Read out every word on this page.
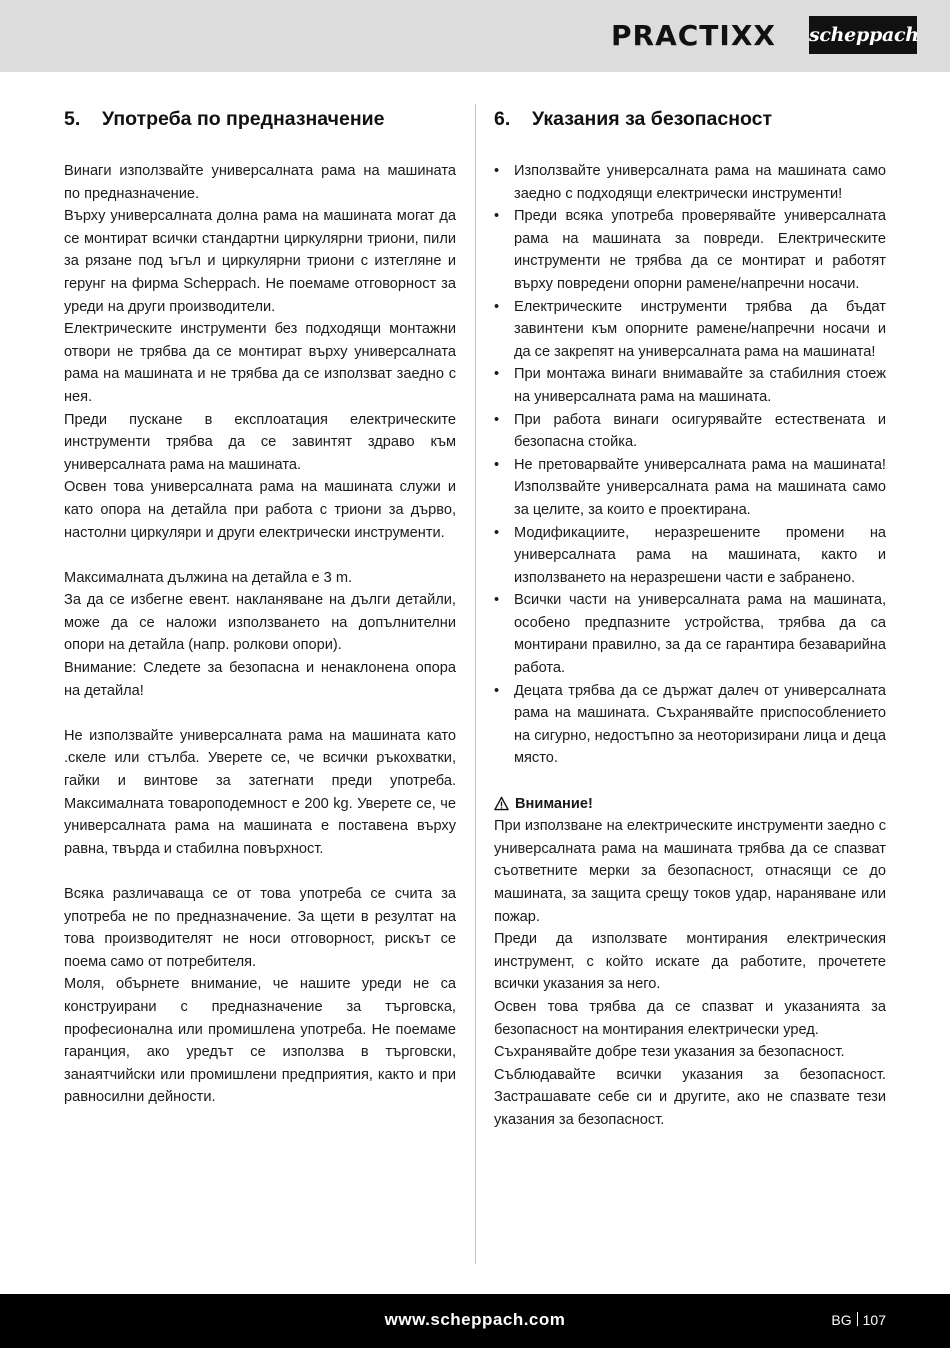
PRACTIXX scheppach
5.	Употреба по предназначение

Винаги използвайте универсалната рама на машината по предназначение.

Върху универсалната долна рама на машината могат да се монтират всички стандартни циркулярни триони, пили за рязане под ъгъл и циркулярни триони с изтегляне и герунг на фирма Scheppach. Не поемаме отговорност за уреди на други производители.

Електрическите инструменти без подходящи монтажни отвори не трябва да се монтират върху универсалната рама на машината и не трябва да се използват заедно с нея.

Преди пускане в експлоатация електрическите инструменти трябва да се завинтят здраво към универсалната рама на машината.

Освен това универсалната рама на машината служи и като опора на детайла при работа с триони за дърво, настолни циркуляри и други електрически инструменти.

Максималната дължина на детайла е 3 m.

За да се избегне евент. накланяване на дълги детайли, може да се наложи използването на допълнителни опори на детайла (напр. ролкови опори).

Внимание: Следете за безопасна и ненаклонена опора на детайла!

Не използвайте универсалната рама на машината като .скеле или стълба. Уверете се, че всички ръкохватки, гайки и винтове за затегнати преди употреба. Максималната товароподемност е 200 kg. Уверете се, че универсалната рама на машината е поставена върху равна, твърда и стабилна повърхност.

Всяка различаваща се от това употреба се счита за употреба не по предназначение. За щети в резултат на това производителят не носи отговорност, рискът се поема само от потребителя.

Моля, обърнете внимание, че нашите уреди не са конструирани с предназначение за търговска, професионална или промишлена употреба. Не поемаме гаранция, ако уредът се използва в търговски, занаятчийски или промишлени предприятия, както и при равносилни дейности.

6.	Указания за безопасност
• Използвайте универсалната рама на машината само заедно с подходящи електрически инструменти!
• Преди всяка употреба проверявайте универсалната рама на машината за повреди. Електрическите инструменти не трябва да се монтират и работят върху повредени опорни рамене/напречни носачи.
• Електрическите инструменти трябва да бъдат завинтени към опорните рамене/напречни носачи и да се закрепят на универсалната рама на машината!
• При монтажа винаги внимавайте за стабилния стоеж на универсалната рама на машината.
• При работа винаги осигурявайте естествената и безопасна стойка.
• Не претоварвайте универсалната рама на машината! Използвайте универсалната рама на машината само за целите, за които е проектирана.
• Модификациите, неразрешените промени на универсалната рама на машината, както и използването на неразрешени части е забранено.
• Всички части на универсалната рама на машината, особено предпазните устройства, трябва да са монтирани правилно, за да се гарантира безаварийна работа.
• Децата трябва да се държат далеч от универсалната рама на машината. Съхранявайте приспособлението на сигурно, недостъпно за неоторизирани лица и деца място.
Внимание!

При използване на електрическите инструменти заедно с универсалната рама на машината трябва да се спазват съответните мерки за безопасност, отнасящи се до машината, за защита срещу токов удар, нараняване или пожар.

Преди да използвате монтирания електрическия инструмент, с който искате да работите, прочетете всички указания за него.

Освен това трябва да се спазват и указанията за безопасност на монтирания електрически уред.

Съхранявайте добре тези указания за безопасност.

Съблюдавайте всички указания за безопасност. Застрашавате себе си и другите, ако не спазвате тези указания за безопасност.

www.scheppach.com	BG 107
